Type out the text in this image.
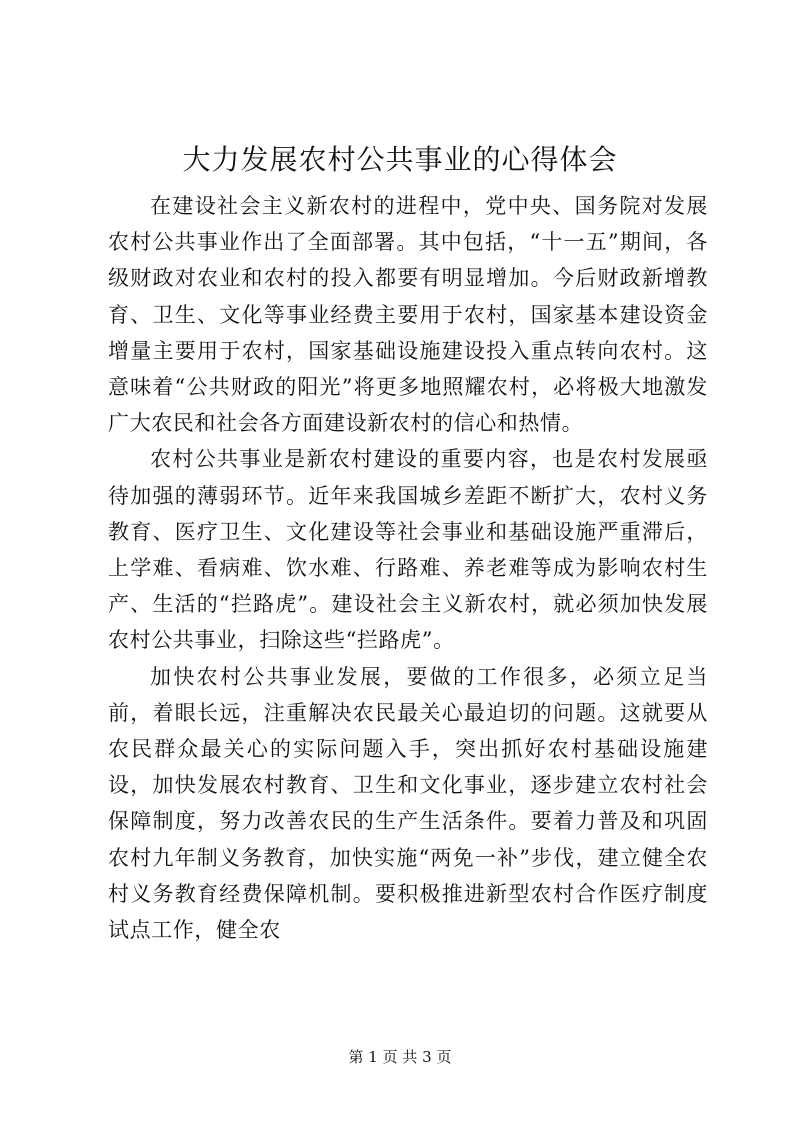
大力发展农村公共事业的心得体会

在建设社会主义新农村的进程中，党中央、国务院对发展农村公共事业作出了全面部署。其中包括，“十一五”期间，各级财政对农业和农村的投入都要有明显增加。今后财政新增教育、卫生、文化等事业经费主要用于农村，国家基本建设资金增量主要用于农村，国家基础设施建设投入重点转向农村。这意味着“公共财政的阳光”将更多地照耀农村，必将极大地激发广大农民和社会各方面建设新农村的信心和热情。

农村公共事业是新农村建设的重要内容，也是农村发展亟待加强的薄弱环节。近年来我国城乡差距不断扩大，农村义务教育、医疗卫生、文化建设等社会事业和基础设施严重滞后，上学难、看病难、饮水难、行路难、养老难等成为影响农村生产、生活的“拦路虎”。建设社会主义新农村，就必须加快发展农村公共事业，扫除这些“拦路虎”。

加快农村公共事业发展，要做的工作很多，必须立足当前，着眼长远，注重解决农民最关心最迫切的问题。这就要从农民群众最关心的实际问题入手，突出抓好农村基础设施建设，加快发展农村教育、卫生和文化事业，逐步建立农村社会保障制度，努力改善农民的生产生活条件。要着力普及和巩固农村九年制义务教育，加快实施“两免一补”步伐，建立健全农村义务教育经费保障机制。要积极推进新型农村合作医疗制度试点工作，健全农

第 1 页 共 3 页
